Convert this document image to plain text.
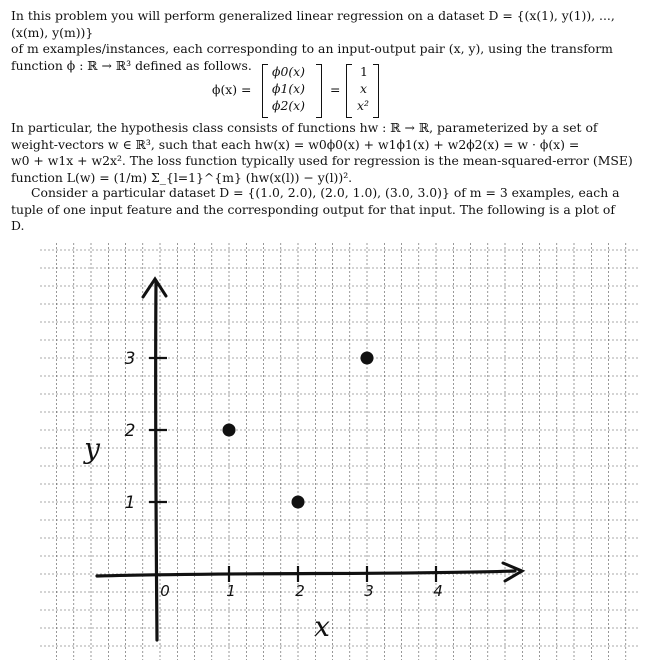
In this problem you will perform generalized linear regression on a dataset D = {(x(1), y(1)), ..., (x(m), y(m))}
of m examples/instances, each corresponding to an input-output pair (x, y), using the transform
function ϕ : ℝ → ℝ³ defined as follows.
ϕ(x) =
ϕ0(x)
ϕ1(x)
ϕ2(x)
=
1
x
x²
In particular, the hypothesis class consists of functions hw : ℝ → ℝ, parameterized by a set of
weight-vectors w ∈ ℝ³, such that each hw(x) = w0ϕ0(x) + w1ϕ1(x) + w2ϕ2(x) = w · ϕ(x) =
w0 + w1x + w2x². The loss function typically used for regression is the mean-squared-error (MSE)
function L(w) = (1/m) Σ_{l=1}^{m} (hw(x(l)) − y(l))².
Consider a particular dataset D = {(1.0, 2.0), (2.0, 1.0), (3.0, 3.0)} of m = 3 examples, each a
tuple of one input feature and the corresponding output for that input. The following is a plot of
D.
0	1	2	3	4
1
2
3
x
y
